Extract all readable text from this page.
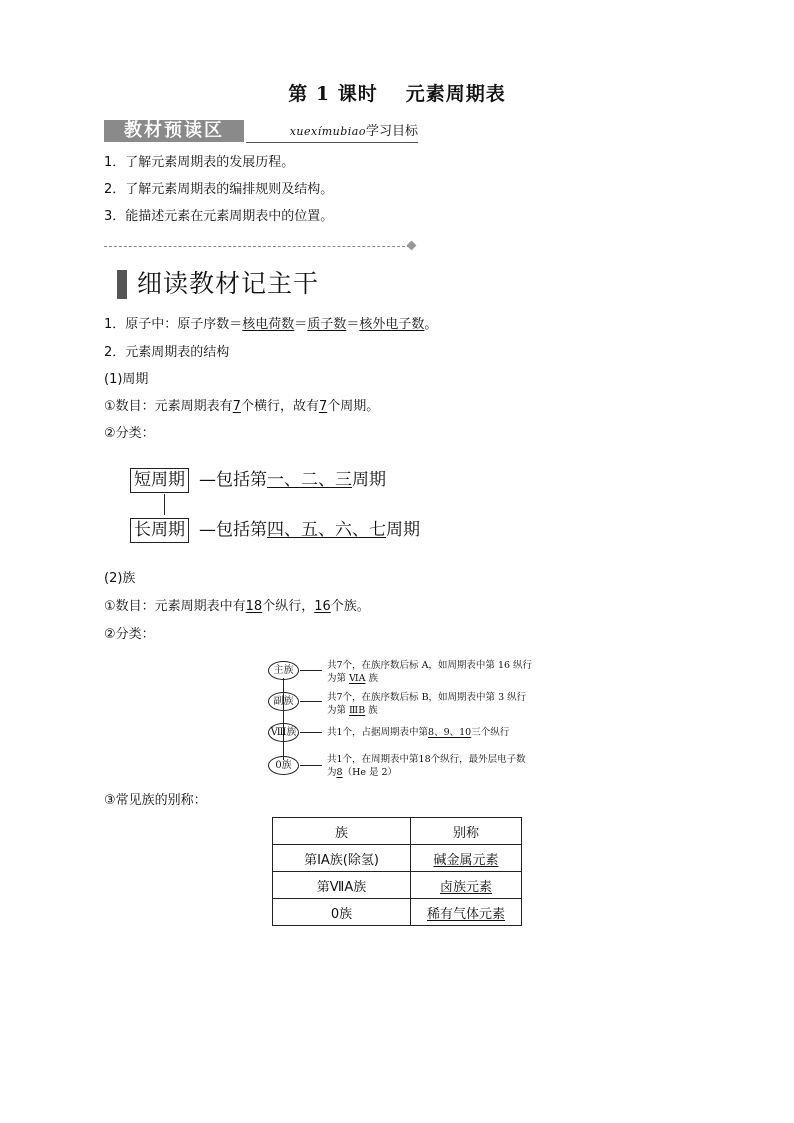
第 1 课时 元素周期表
教材预读区	xuexímubiao学习目标
1．了解元素周期表的发展历程。
2．了解元素周期表的编排规则及结构。
3．能描述元素在元素周期表中的位置。
细读教材记主干
1．原子中：原子序数＝核电荷数＝质子数＝核外电子数。
2．元素周期表的结构
(1)周期
①数目：元素周期表有7个横行，故有7个周期。
②分类：
短周期 —包括第一、二、三周期
长周期 —包括第四、五、六、七周期
(2)族
①数目：元素周期表中有18个纵行，16个族。
②分类：
主族	共7个，在族序数后标 A，如周期表中第 16 纵行
为第 ⅥA 族
副族	共7个，在族序数后标 B，如周期表中第 3 纵行
为第 ⅢB 族
Ⅷ族	共1个，占据周期表中第8、9、10三个纵行
0族
共1个，在周期表中第18个纵行，最外层电子数
为8（He 是 2）
③常见族的别称：
族	别称
第ⅠA族(除氢)	碱金属元素
第ⅦA族	卤族元素
0族	稀有气体元素
